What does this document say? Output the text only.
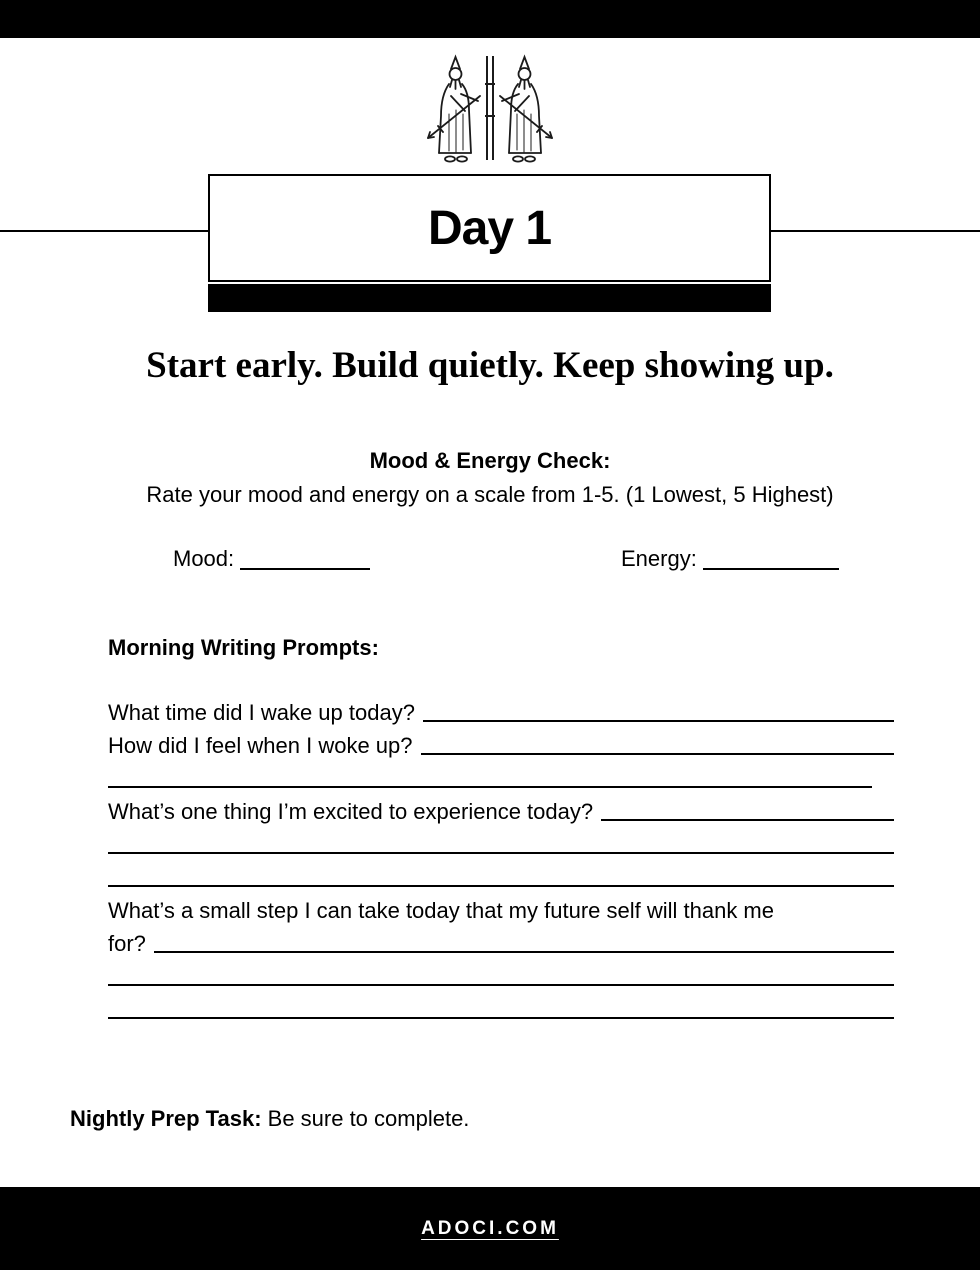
Day 1
Start early. Build quietly. Keep showing up.
Mood & Energy Check:
Rate your mood and energy on a scale from 1-5. (1 Lowest, 5 Highest)
Mood:	Energy:
Morning Writing Prompts:
What time did I wake up today?
How did I feel when I woke up?
What’s one thing I’m excited to experience today?
What’s a small step I can take today that my future self will thank me
for?
Nightly Prep Task: Be sure to complete.
ADOCI.COM
